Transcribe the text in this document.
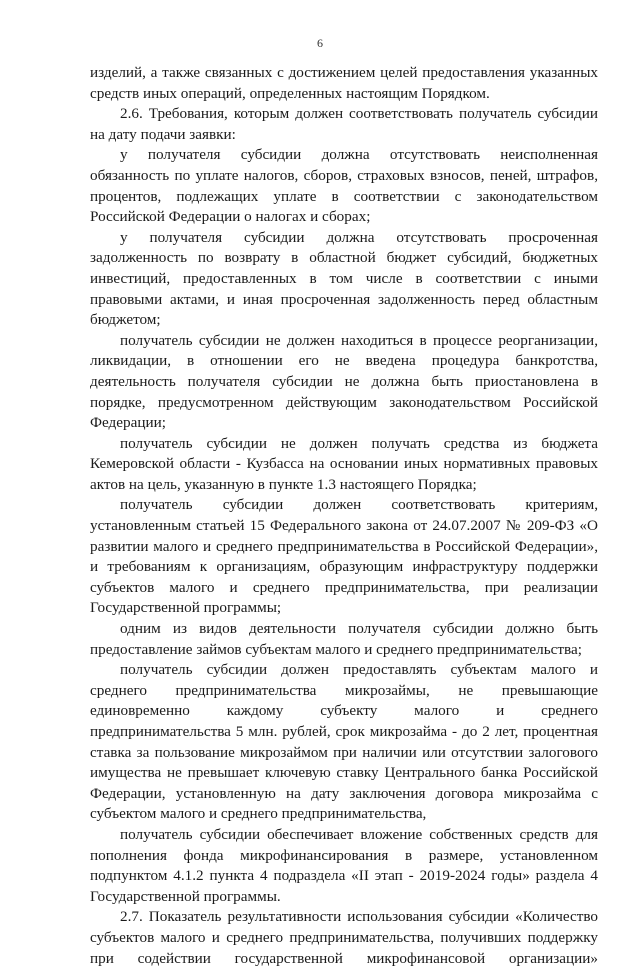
6
изделий, а также связанных с достижением целей предоставления указанных
средств иных операций, определенных настоящим Порядком.
2.6. Требования, которым должен соответствовать получатель субсидии
на дату подачи заявки:
у получателя субсидии должна отсутствовать неисполненная
обязанность по уплате налогов, сборов, страховых взносов, пеней, штрафов,
процентов, подлежащих уплате в соответствии с законодательством
Российской Федерации о налогах и сборах;
у получателя субсидии должна отсутствовать просроченная
задолженность по возврату в областной бюджет субсидий, бюджетных
инвестиций, предоставленных в том числе в соответствии с иными
правовыми актами, и иная просроченная задолженность перед областным
бюджетом;
получатель субсидии не должен находиться в процессе реорганизации,
ликвидации, в отношении его не введена процедура банкротства,
деятельность получателя субсидии не должна быть приостановлена в
порядке, предусмотренном действующим законодательством Российской
Федерации;
получатель субсидии не должен получать средства из бюджета
Кемеровской области - Кузбасса на основании иных нормативных правовых
актов на цель, указанную в пункте 1.3 настоящего Порядка;
получатель субсидии должен соответствовать критериям,
установленным статьей 15 Федерального закона от 24.07.2007 № 209-ФЗ «О
развитии малого и среднего предпринимательства в Российской Федерации»,
и требованиям к организациям, образующим инфраструктуру поддержки
субъектов малого и среднего предпринимательства, при реализации
Государственной программы;
одним из видов деятельности получателя субсидии должно быть
предоставление займов субъектам малого и среднего предпринимательства;
получатель субсидии должен предоставлять субъектам малого и
среднего предпринимательства микрозаймы, не превышающие
единовременно каждому субъекту малого и среднего
предпринимательства 5 млн. рублей, срок микрозайма - до 2 лет, процентная
ставка за пользование микрозаймом при наличии или отсутствии залогового
имущества не превышает ключевую ставку Центрального банка Российской
Федерации, установленную на дату заключения договора микрозайма с
субъектом малого и среднего предпринимательства,
получатель субсидии обеспечивает вложение собственных средств для
пополнения фонда микрофинансирования в размере, установленном
подпунктом 4.1.2 пункта 4 подраздела «II этап - 2019-2024 годы» раздела 4
Государственной программы.
2.7. Показатель результативности использования субсидии «Количество
субъектов малого и среднего предпринимательства, получивших поддержку
при содействии государственной микрофинансовой организации»
